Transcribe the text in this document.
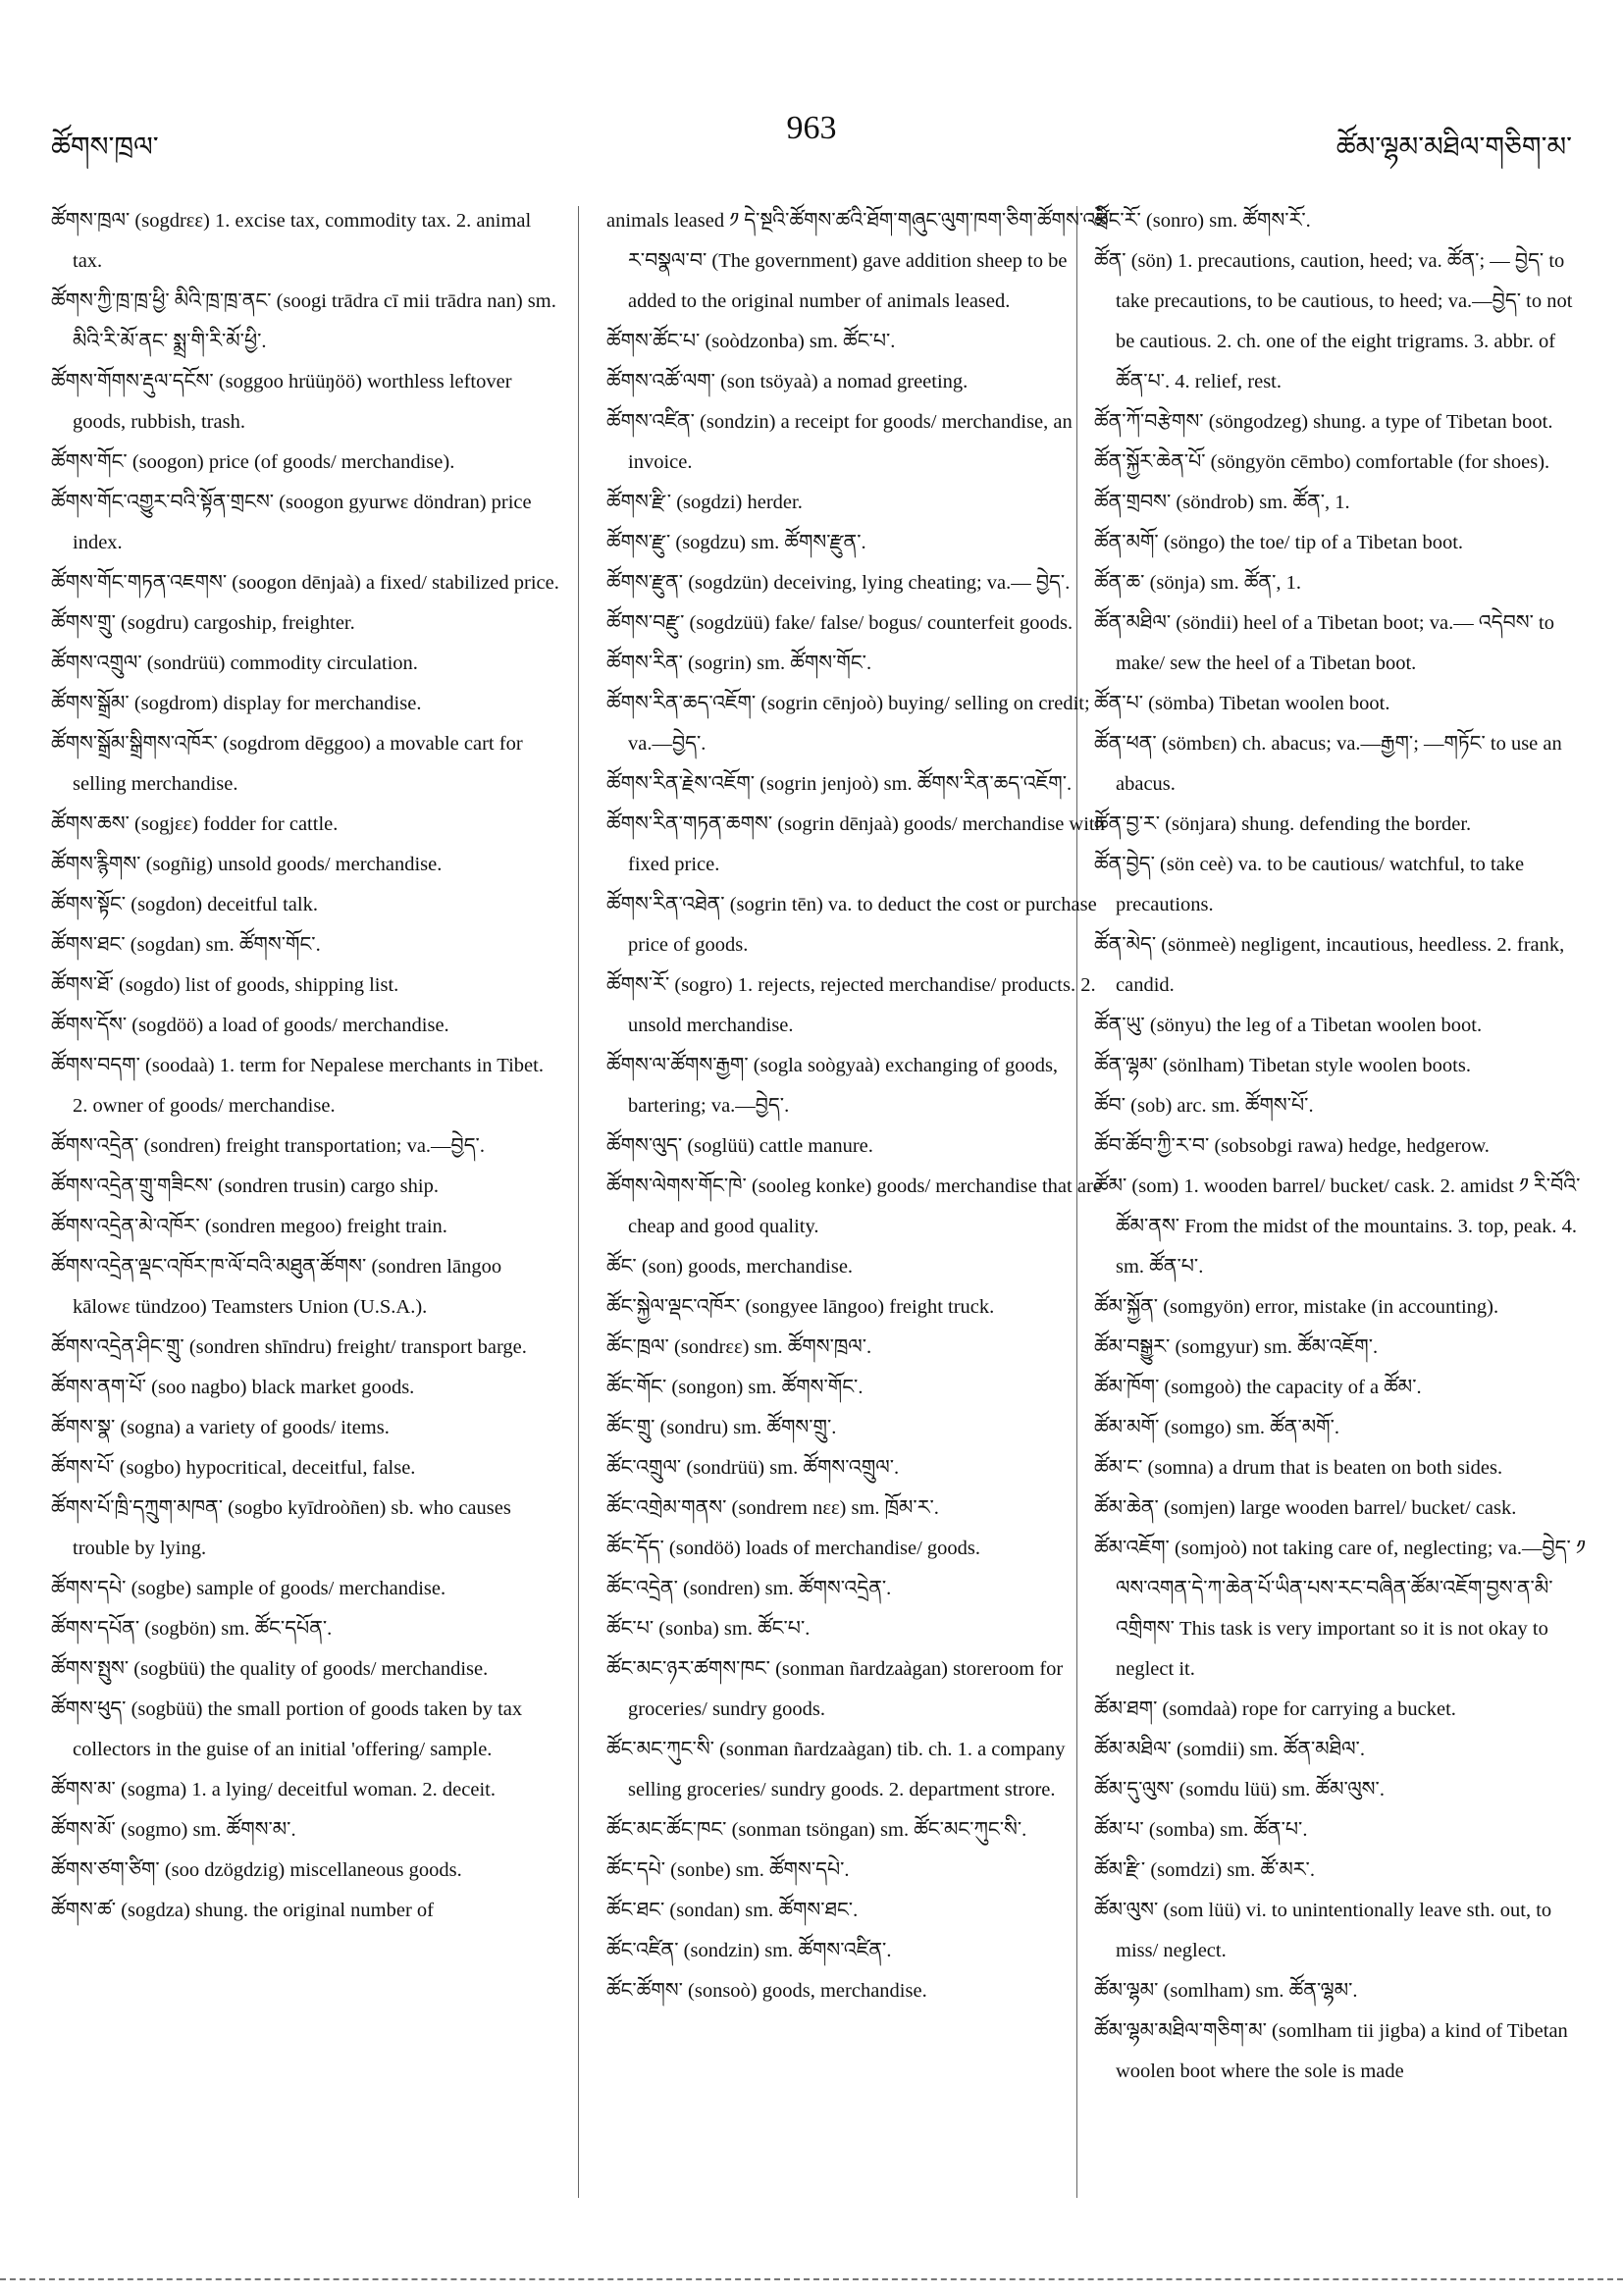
ཚོགས་ཁྲལ་
963
ཚོམ་ལྷམ་མཐིལ་གཅིག་མ་

ཚོགས་ཁྲལ་ (sogdrεε) 1. excise tax, commodity tax. 2. animal tax.

ཚོགས་ཀྱི་ཁྲ་ཁྲ་ཕྱི་ མིའི་ཁྲ་ཁྲ་ནང་ (soogi trādra cī mii trādra nan) sm. མིའི་རི་མོ་ནང་ སྨྲ་གི་རི་མོ་ཕྱི་.

ཚོགས་གོགས་རྡུལ་དངོས་ (soggoo hrüüŋöö) worthless leftover goods, rubbish, trash.

ཚོགས་གོང་ (soogon) price (of goods/ merchandise).

ཚོགས་གོང་འགྱུར་བའི་སྟོན་གྲངས་ (soogon gyurwε döndran) price index.

ཚོགས་གོང་གཏན་འཇགས་ (soogon dēnjaà) a fixed/ stabilized price.

ཚོགས་གྲུ་ (sogdru) cargoship, freighter.

ཚོགས་འགྲུལ་ (sondrüü) commodity circulation.

ཚོགས་སྒྲོམ་ (sogdrom) display for merchandise.

ཚོགས་སྒྲོམ་སྒྲིགས་འཁོར་ (sogdrom dēggoo) a movable cart for selling merchandise.

ཚོགས་ཆས་ (sogjεε) fodder for cattle.

ཚོགས་རྙིགས་ (sogñig) unsold goods/ merchandise.

ཚོགས་སྟོང་ (sogdon) deceitful talk.

ཚོགས་ཐང་ (sogdan) sm. ཚོགས་གོང་.

ཚོགས་ཐོ་ (sogdo) list of goods, shipping list.

ཚོགས་དོས་ (sogdöö) a load of goods/ merchandise.

ཚོགས་བདག་ (soodaà) 1. term for Nepalese merchants in Tibet. 2. owner of goods/ merchandise.

ཚོགས་འདྲེན་ (sondren) freight transportation; va.—བྱེད་.

ཚོགས་འདྲེན་གྲུ་གཟིངས་ (sondren trusin) cargo ship.

ཚོགས་འདྲེན་མེ་འཁོར་ (sondren megoo) freight train.

ཚོགས་འདྲེན་ལྡང་འཁོར་ཁ་ལོ་བའི་མཐུན་ཚོགས་ (sondren lāngoo kālowε tündzoo) Teamsters Union (U.S.A.).

ཚོགས་འདྲེན་ཤིང་གྲུ་ (sondren shīndru) freight/ transport barge.

ཚོགས་ནག་པོ་ (soo nagbo) black market goods.

ཚོགས་སྣ་ (sogna) a variety of goods/ items.

ཚོགས་པོ་ (sogbo) hypocritical, deceitful, false.

ཚོགས་པོ་ཁྲི་དཀྲུག་མཁན་ (sogbo kyīdroòñen) sb. who causes trouble by lying.

ཚོགས་དཔེ་ (sogbe) sample of goods/ merchandise.

ཚོགས་དཔོན་ (sogbön) sm. ཚོང་དཔོན་.

ཚོགས་སྤུས་ (sogbüü) the quality of goods/ merchandise.

ཚོགས་ཕུད་ (sogbüü) the small portion of goods taken by tax collectors in the guise of an initial 'offering/ sample.

ཚོགས་མ་ (sogma) 1. a lying/ deceitful woman. 2. deceit.

ཚོགས་མོ་ (sogmo) sm. ཚོགས་མ་.

ཚོགས་ཙག་ཙིག་ (soo dzögdzig) miscellaneous goods.

ཚོགས་ཚ་ (sogdza) shung. the original number of

animals leased ༡ དེ་སྔའི་ཚོགས་ཚའི་ཐོག་གཞུང་ལུག་ཁག་ཅིག་ཚོགས་འཕྲི་ར་བསྣལ་བ་ (The government) gave addition sheep to be added to the original number of animals leased.

ཚོགས་ཚོང་པ་ (soòdzonba) sm. ཚོང་པ་.

ཚོགས་འཚོ་ལག་ (son tsöyaà) a nomad greeting.

ཚོགས་འཛིན་ (sondzin) a receipt for goods/ merchandise, an invoice.

ཚོགས་རྫི་ (sogdzi) herder.

ཚོགས་རྫུ་ (sogdzu) sm. ཚོགས་རྫུན་.

ཚོགས་རྫུན་ (sogdzün) deceiving, lying cheating; va.— བྱེད་.

ཚོགས་བརྫུ་ (sogdzüü) fake/ false/ bogus/ counterfeit goods.

ཚོགས་རིན་ (sogrin) sm. ཚོགས་གོང་.

ཚོགས་རིན་ཆད་འཇོག་ (sogrin cēnjoò) buying/ selling on credit; va.—བྱེད་.

ཚོགས་རིན་རྗེས་འཇོག་ (sogrin jenjoò) sm. ཚོགས་རིན་ཆད་འཇོག་.

ཚོགས་རིན་གཏན་ཆགས་ (sogrin dēnjaà) goods/ merchandise with fixed price.

ཚོགས་རིན་འཐེན་ (sogrin tēn) va. to deduct the cost or purchase price of goods.

ཚོགས་རོ་ (sogro) 1. rejects, rejected merchandise/ products. 2. unsold merchandise.

ཚོགས་ལ་ཚོགས་རྒྱག་ (sogla soògyaà) exchanging of goods, bartering; va.—བྱེད་.

ཚོགས་ལུད་ (soglüü) cattle manure.

ཚོགས་ལེགས་གོང་ཁེ་ (sooleg konke) goods/ merchandise that are cheap and good quality.

ཚོང་ (son) goods, merchandise.

ཚོང་སྐྱེལ་ལྡང་འཁོར་ (songyee lāngoo) freight truck.

ཚོང་ཁྲལ་ (sondrεε) sm. ཚོགས་ཁྲལ་.

ཚོང་གོང་ (songon) sm. ཚོགས་གོང་.

ཚོང་གྲུ་ (sondru) sm. ཚོགས་གྲུ་.

ཚོང་འགྲུལ་ (sondrüü) sm. ཚོགས་འགྲུལ་.

ཚོང་འགྲེམ་གནས་ (sondrem nεε) sm. ཁྲོམ་ར་.

ཚོང་དོད་ (sondöö) loads of merchandise/ goods.

ཚོང་འདྲེན་ (sondren) sm. ཚོགས་འདྲེན་.

ཚོང་པ་ (sonba) sm. ཚོང་པ་.

ཚོང་མང་ཉར་ཚགས་ཁང་ (sonman ñardzaàgan) storeroom for groceries/ sundry goods.

ཚོང་མང་ཀུང་སི་ (sonman ñardzaàgan) tib. ch. 1. a company selling groceries/ sundry goods. 2. department strore.

ཚོང་མང་ཚོང་ཁང་ (sonman tsöngan) sm. ཚོང་མང་ཀུང་སི་.

ཚོང་དཔེ་ (sonbe) sm. ཚོགས་དཔེ་.

ཚོང་ཐང་ (sondan) sm. ཚོགས་ཐང་.

ཚོང་འཛིན་ (sondzin) sm. ཚོགས་འཛིན་.

ཚོང་ཚོགས་ (sonsoò) goods, merchandise.

ཚོང་རོ་ (sonro) sm. ཚོགས་རོ་.

ཚོན་ (sön) 1. precautions, caution, heed; va. ཚོན་; — བྱེད་ to take precautions, to be cautious, to heed; va.—བྱེད་ to not be cautious. 2. ch. one of the eight trigrams. 3. abbr. of ཚོན་པ་. 4. relief, rest.

ཚོན་ཀོ་བརྩེགས་ (söngodzeg) shung. a type of Tibetan boot.

ཚོན་སྐྱོར་ཆེན་པོ་ (söngyön cēmbo) comfortable (for shoes).

ཚོན་གྲབས་ (söndrob) sm. ཚོན་, 1.

ཚོན་མགོ་ (söngo) the toe/ tip of a Tibetan boot.

ཚོན་ཆ་ (sönja) sm. ཚོན་, 1.

ཚོན་མཐིལ་ (söndii) heel of a Tibetan boot; va.— འདེབས་ to make/ sew the heel of a Tibetan boot.

ཚོན་པ་ (sömba) Tibetan woolen boot.

ཚོན་ཕན་ (sömbεn) ch. abacus; va.—རྒྱག་; —གཏོང་ to use an abacus.

ཚོན་བྱ་ར་ (sönjara) shung. defending the border.

ཚོན་བྱེད་ (sön ceè) va. to be cautious/ watchful, to take precautions.

ཚོན་མེད་ (sönmeè) negligent, incautious, heedless. 2. frank, candid.

ཚོན་ཡུ་ (sönyu) the leg of a Tibetan woolen boot.

ཚོན་ལྷམ་ (sönlham) Tibetan style woolen boots.

ཚོབ་ (sob) arc. sm. ཚོགས་པོ་.

ཚོབ་ཚོབ་ཀྱི་ར་བ་ (sobsobgi rawa) hedge, hedgerow.

ཚོམ་ (som) 1. wooden barrel/ bucket/ cask. 2. amidst ༡ རི་བོའི་ཚོམ་ནས་ From the midst of the mountains. 3. top, peak. 4. sm. ཚོན་པ་.

ཚོམ་སྐྱོན་ (somgyön) error, mistake (in accounting).

ཚོམ་བསྒྱུར་ (somgyur) sm. ཚོམ་འཇོག་.

ཚོམ་ཁོག་ (somgoò) the capacity of a ཚོམ་.

ཚོམ་མགོ་ (somgo) sm. ཚོན་མགོ་.

ཚོམ་ང་ (somna) a drum that is beaten on both sides.

ཚོམ་ཆེན་ (somjen) large wooden barrel/ bucket/ cask.

ཚོམ་འཇོག་ (somjoò) not taking care of, neglecting; va.—བྱེད་ ༡ ལས་འགན་དེ་ཀ་ཆེན་པོ་ཡིན་པས་རང་བཞིན་ཚོམ་འཇོག་བྱས་ན་མི་འགྲིགས་ This task is very important so it is not okay to neglect it.

ཚོམ་ཐག་ (somdaà) rope for carrying a bucket.

ཚོམ་མཐིལ་ (somdii) sm. ཚོན་མཐིལ་.

ཚོམ་དུ་ལུས་ (somdu lüü) sm. ཚོམ་ལུས་.

ཚོམ་པ་ (somba) sm. ཚོན་པ་.

ཚོམ་རྫི་ (somdzi) sm. ཚོ་མར་.

ཚོམ་ལུས་ (som lüü) vi. to unintentionally leave sth. out, to miss/ neglect.

ཚོམ་ལྷམ་ (somlham) sm. ཚོན་ལྷམ་.

ཚོམ་ལྷམ་མཐིལ་གཅིག་མ་ (somlham tii jigba) a kind of Tibetan woolen boot where the sole is made
